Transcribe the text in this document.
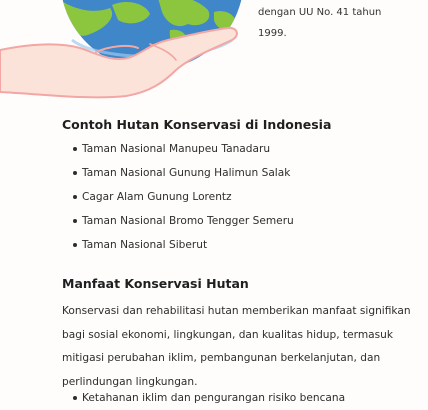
dengan UU No. 41 tahun
1999.
Contoh Hutan Konservasi di Indonesia
Taman Nasional Manupeu Tanadaru
Taman Nasional Gunung Halimun Salak
Cagar Alam Gunung Lorentz
Taman Nasional Bromo Tengger Semeru
Taman Nasional Siberut
Manfaat Konservasi Hutan
Konservasi dan rehabilitasi hutan memberikan manfaat signifikan
bagi sosial ekonomi, lingkungan, dan kualitas hidup, termasuk
mitigasi perubahan iklim, pembangunan berkelanjutan, dan
perlindungan lingkungan.
Ketahanan iklim dan pengurangan risiko bencana
